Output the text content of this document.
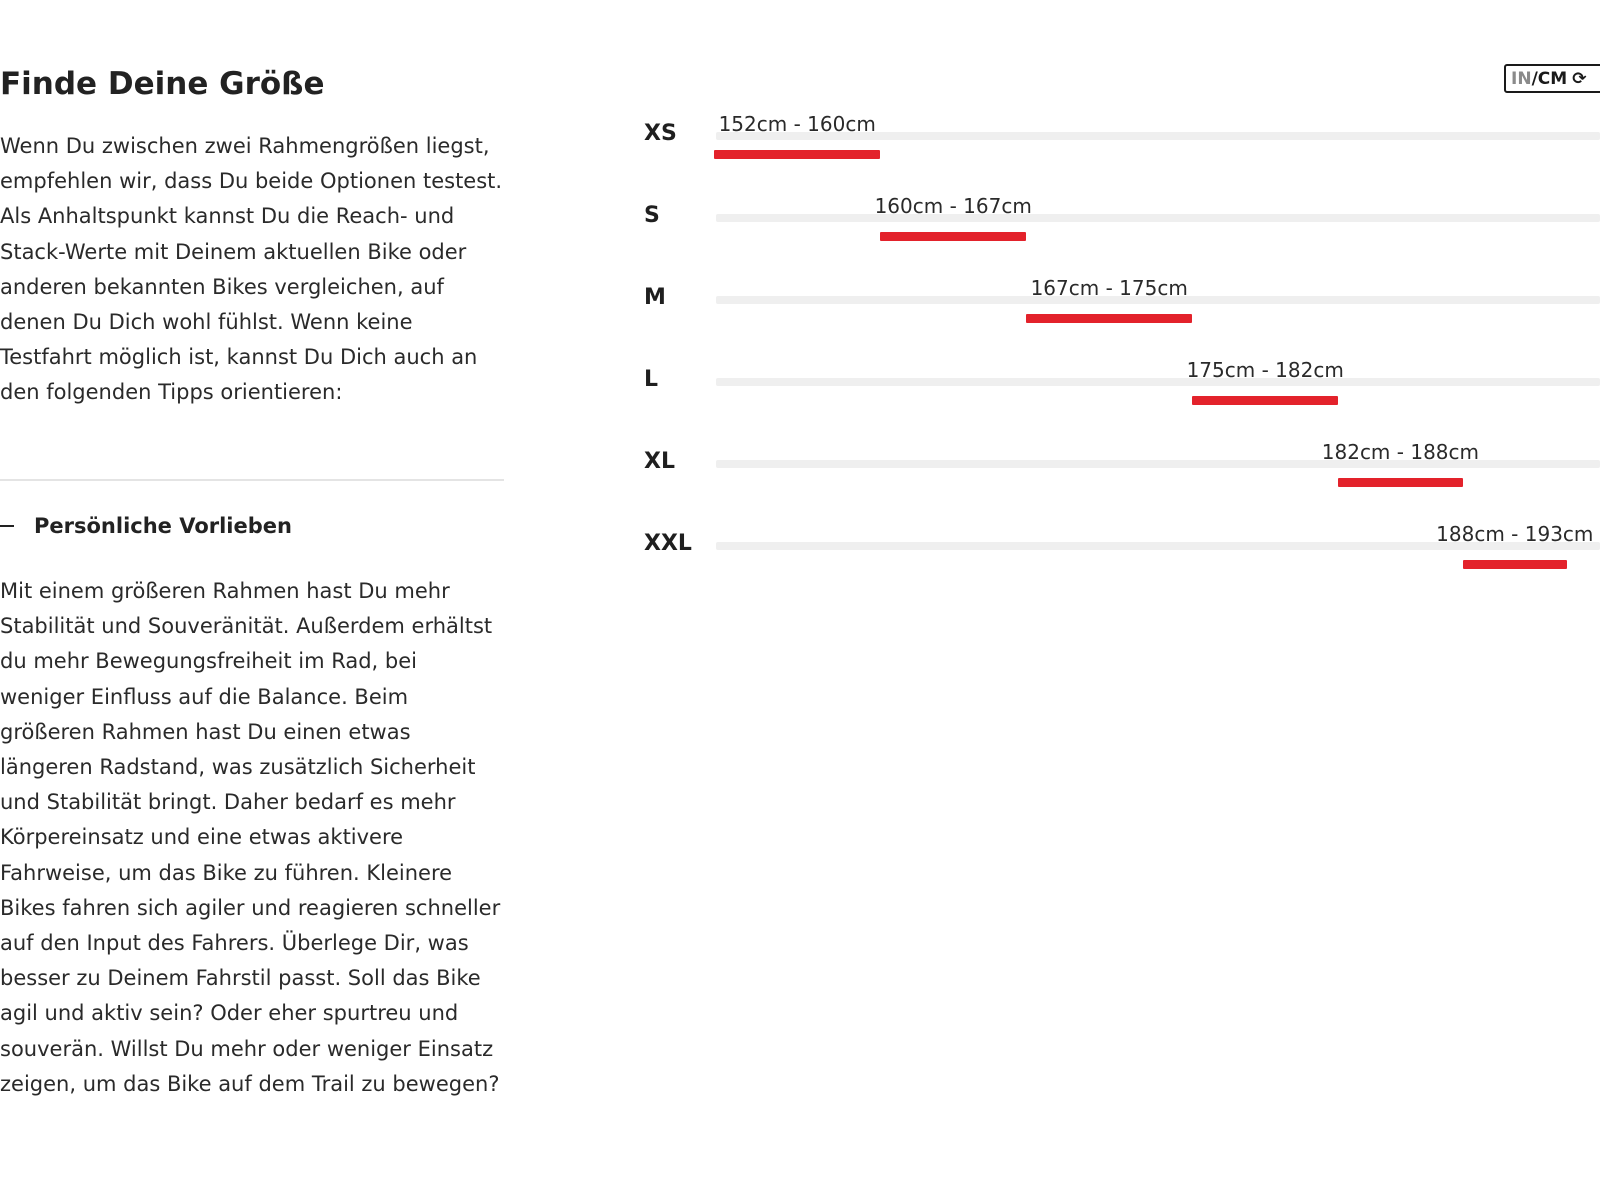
Finde Deine Größe

Wenn Du zwischen zwei Rahmengrößen liegst, empfehlen wir, dass Du beide Optionen testest. Als Anhaltspunkt kannst Du die Reach- und Stack-Werte mit Deinem aktuellen Bike oder anderen bekannten Bikes vergleichen, auf denen Du Dich wohl fühlst. Wenn keine Testfahrt möglich ist, kannst Du Dich auch an den folgenden Tipps orientieren:

Persönliche Vorlieben

Mit einem größeren Rahmen hast Du mehr Stabilität und Souveränität. Außerdem erhältst du mehr Bewegungsfreiheit im Rad, bei weniger Einfluss auf die Balance. Beim größeren Rahmen hast Du einen etwas längeren Radstand, was zusätzlich Sicherheit und Stabilität bringt. Daher bedarf es mehr Körpereinsatz und eine etwas aktivere Fahrweise, um das Bike zu führen. Kleinere Bikes fahren sich agiler und reagieren schneller auf den Input des Fahrers. Überlege Dir, was besser zu Deinem Fahrstil passt. Soll das Bike agil und aktiv sein? Oder eher spurtreu und souverän. Willst Du mehr oder weniger Einsatz zeigen, um das Bike auf dem Trail zu bewegen?

IN / CM ⟳
XS 152cm - 160cm
S	160cm - 167cm
M	167cm - 175cm
L	175cm - 182cm
XL	182cm - 188cm
XXL	188cm - 193cm
